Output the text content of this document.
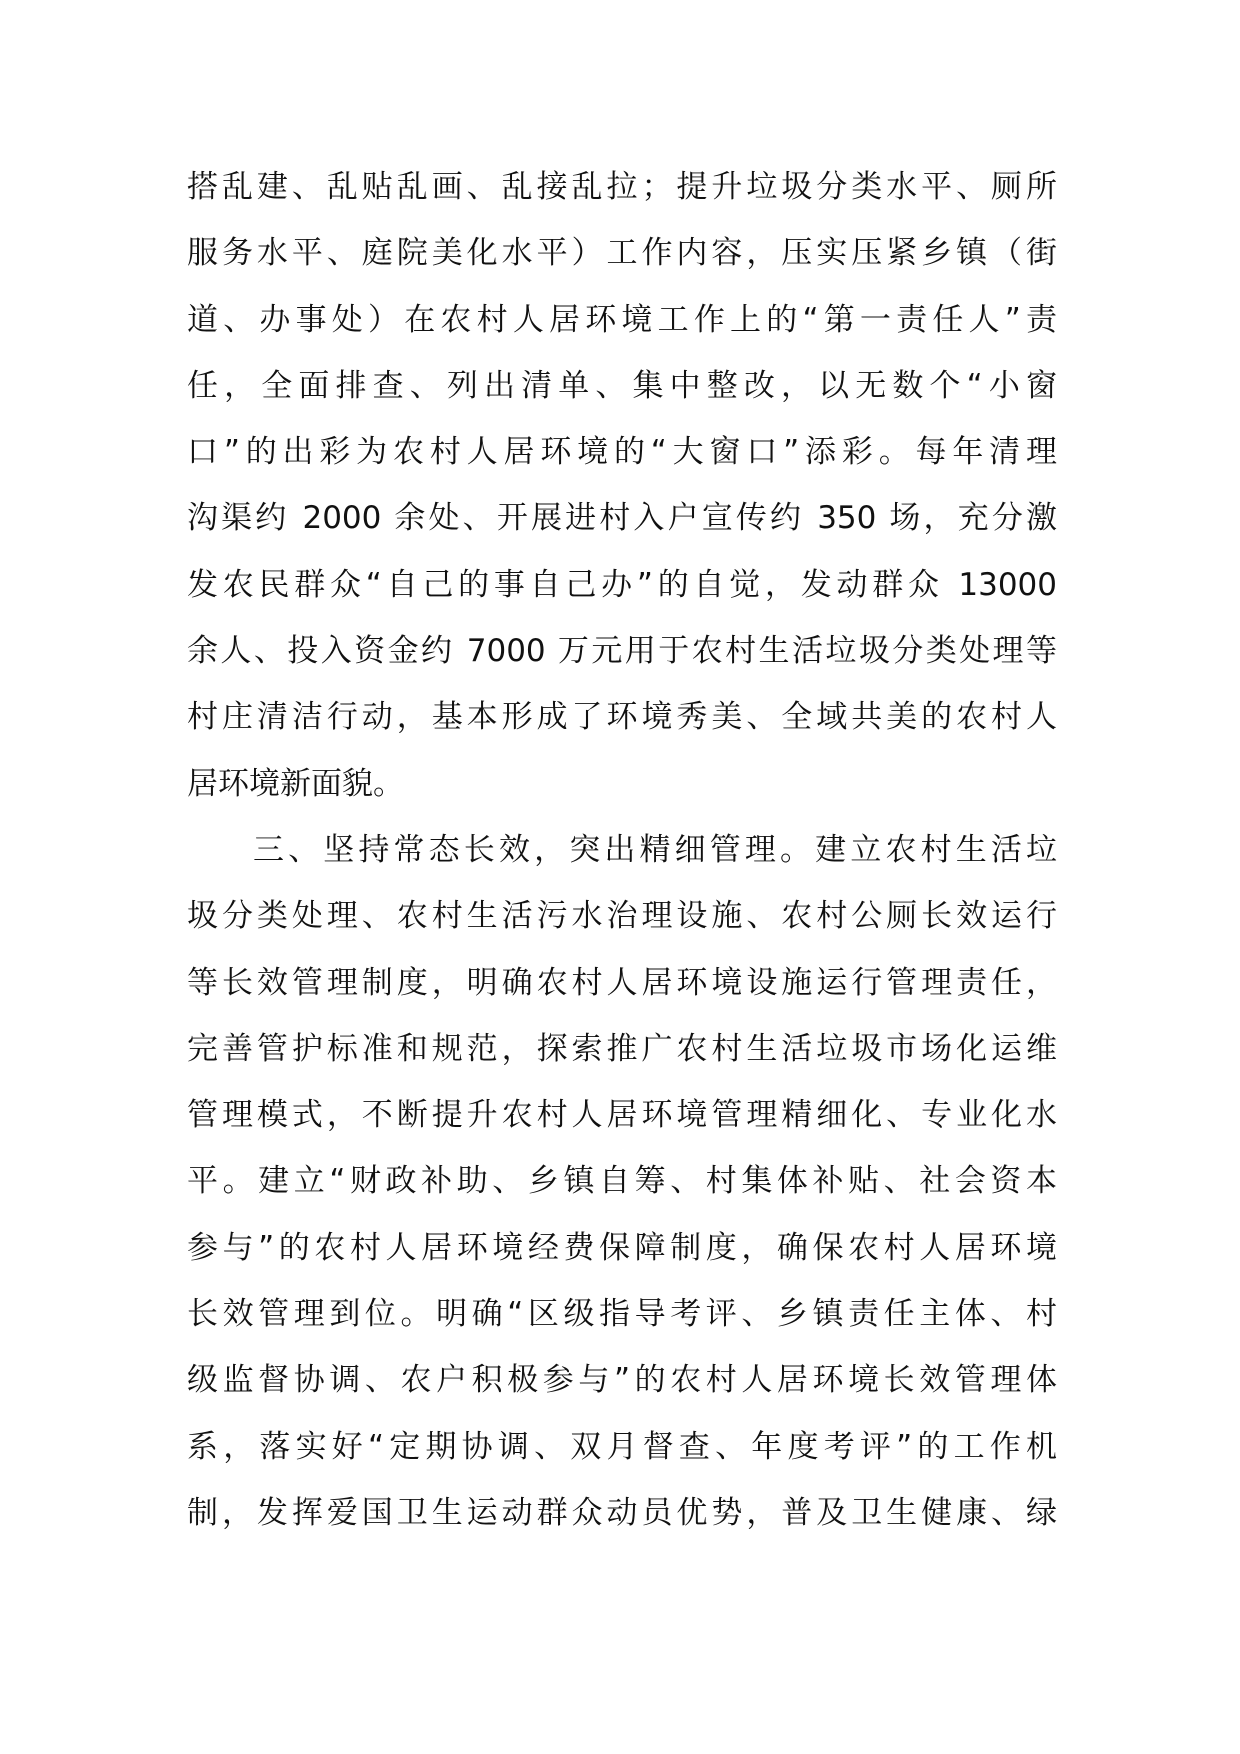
搭乱建、乱贴乱画、乱接乱拉；提升垃圾分类水平、厕所
服务水平、庭院美化水平）工作内容，压实压紧乡镇（街
道、办事处）在农村人居环境工作上的“第一责任人”责
任，全面排查、列出清单、集中整改，以无数个“小窗
口”的出彩为农村人居环境的“大窗口”添彩。每年清理
沟渠约 2000 余处、开展进村入户宣传约 350 场，充分激
发农民群众“自己的事自己办”的自觉，发动群众 13000
余人、投入资金约 7000 万元用于农村生活垃圾分类处理等
村庄清洁行动，基本形成了环境秀美、全域共美的农村人
居环境新面貌。
三、坚持常态长效，突出精细管理。建立农村生活垃
圾分类处理、农村生活污水治理设施、农村公厕长效运行
等长效管理制度，明确农村人居环境设施运行管理责任，
完善管护标准和规范，探索推广农村生活垃圾市场化运维
管理模式，不断提升农村人居环境管理精细化、专业化水
平。建立“财政补助、乡镇自筹、村集体补贴、社会资本
参与”的农村人居环境经费保障制度，确保农村人居环境
长效管理到位。明确“区级指导考评、乡镇责任主体、村
级监督协调、农户积极参与”的农村人居环境长效管理体
系，落实好“定期协调、双月督查、年度考评”的工作机
制，发挥爱国卫生运动群众动员优势，普及卫生健康、绿
